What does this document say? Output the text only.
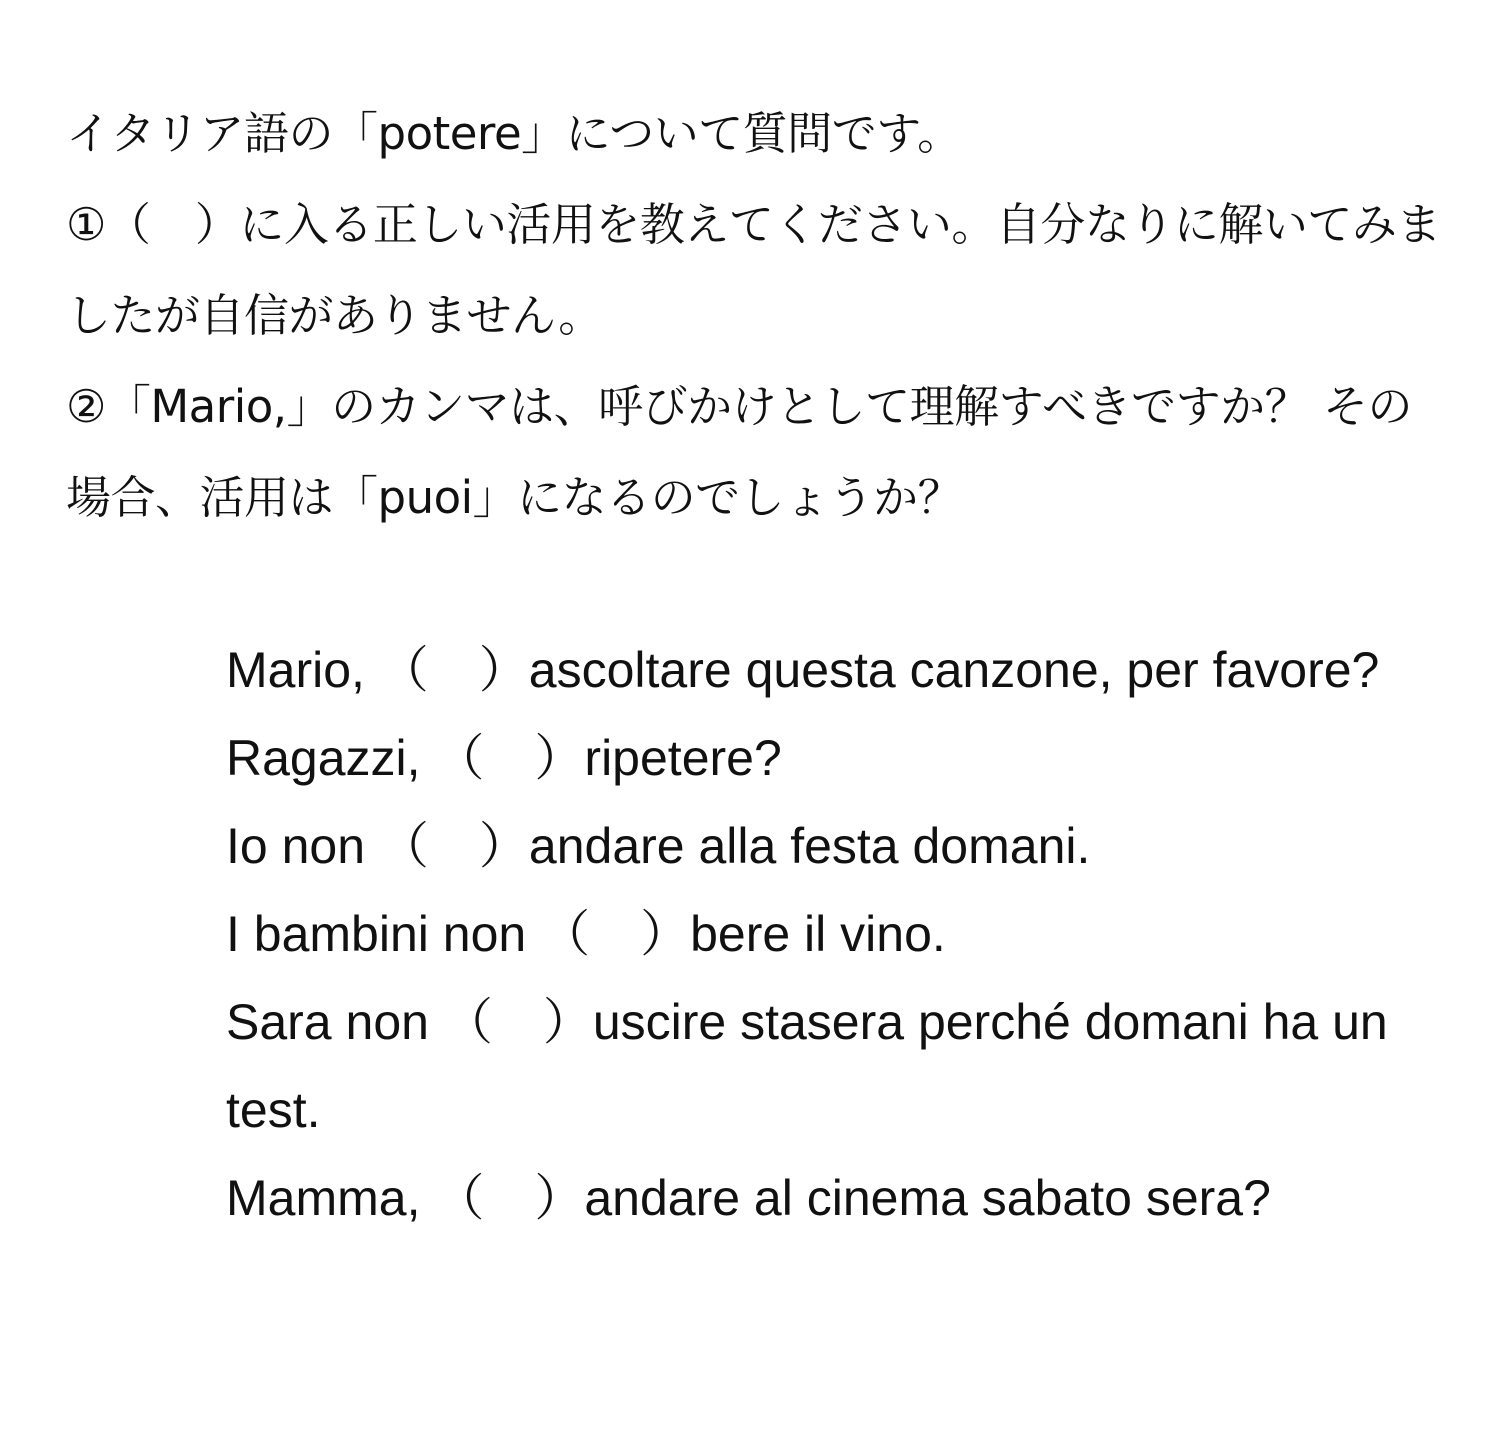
イタリア語の「potere」について質問です。
①（　）に入る正しい活用を教えてください。自分なりに解いてみましたが自信がありません。
②「Mario,」のカンマは、呼びかけとして理解すべきですか？ その場合、活用は「puoi」になるのでしょうか？

Mario, （　）ascoltare questa canzone, per favore?
Ragazzi, （　）ripetere?
Io non （　）andare alla festa domani.
I bambini non （　）bere il vino.
Sara non （　）uscire stasera perché domani ha un test.
Mamma, （　）andare al cinema sabato sera?
